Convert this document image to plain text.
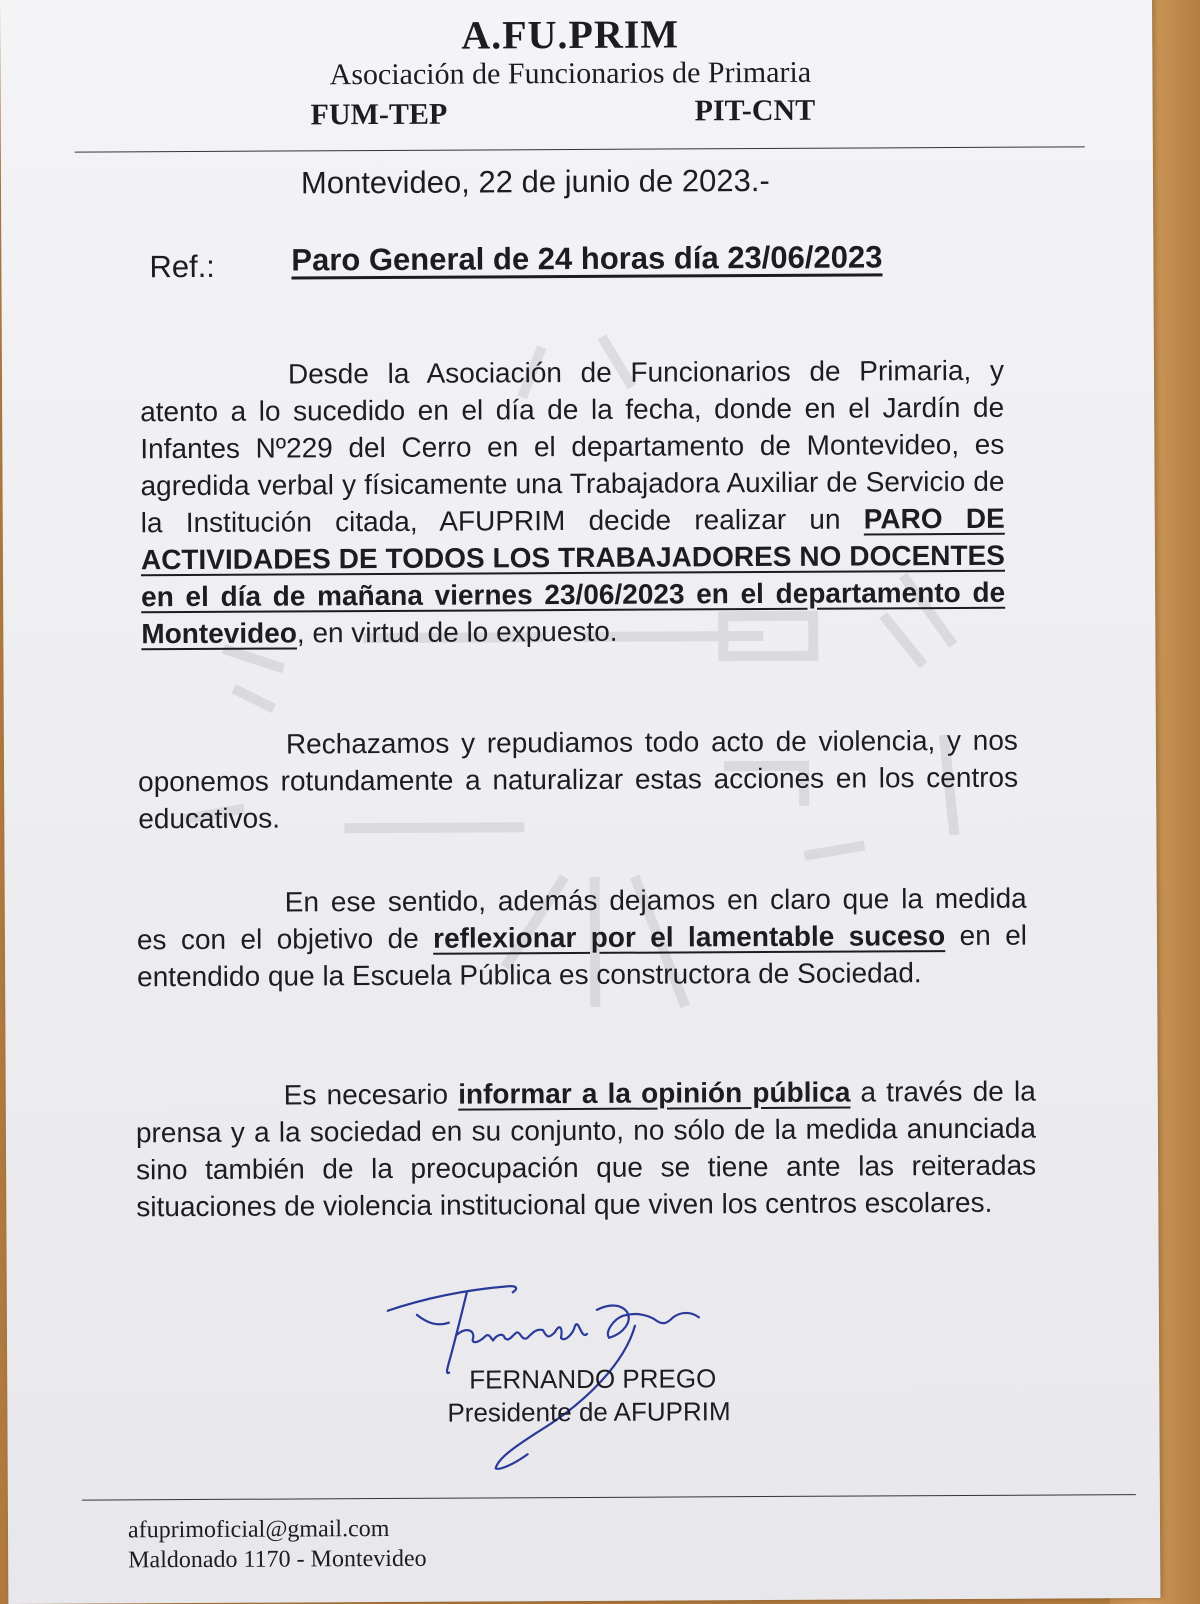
A.FU.PRIM
Asociación de Funcionarios de Primaria
FUM-TEP	PIT-CNT
Montevideo, 22 de junio de 2023.-
Ref.: Paro General de 24 horas día 23/06/2023

Desde la Asociación de Funcionarios de Primaria, y atento a lo sucedido en el día de la fecha, donde en el Jardín de Infantes Nº229 del Cerro en el departamento de Montevideo, es agredida verbal y físicamente una Trabajadora Auxiliar de Servicio de la Institución citada, AFUPRIM decide realizar un PARO DE ACTIVIDADES DE TODOS LOS TRABAJADORES NO DOCENTES en el día de mañana viernes 23/06/2023 en el departamento de Montevideo, en virtud de lo expuesto.

Rechazamos y repudiamos todo acto de violencia, y nos oponemos rotundamente a naturalizar estas acciones en los centros educativos.

En ese sentido, además dejamos en claro que la medida es con el objetivo de reflexionar por el lamentable suceso en el entendido que la Escuela Pública es constructora de Sociedad.

Es necesario informar a la opinión pública a través de la prensa y a la sociedad en su conjunto, no sólo de la medida anunciada sino también de la preocupación que se tiene ante las reiteradas situaciones de violencia institucional que viven los centros escolares.

FERNANDO PREGO
Presidente de AFUPRIM
afuprimoficial@gmail.com
Maldonado 1170 - Montevideo
